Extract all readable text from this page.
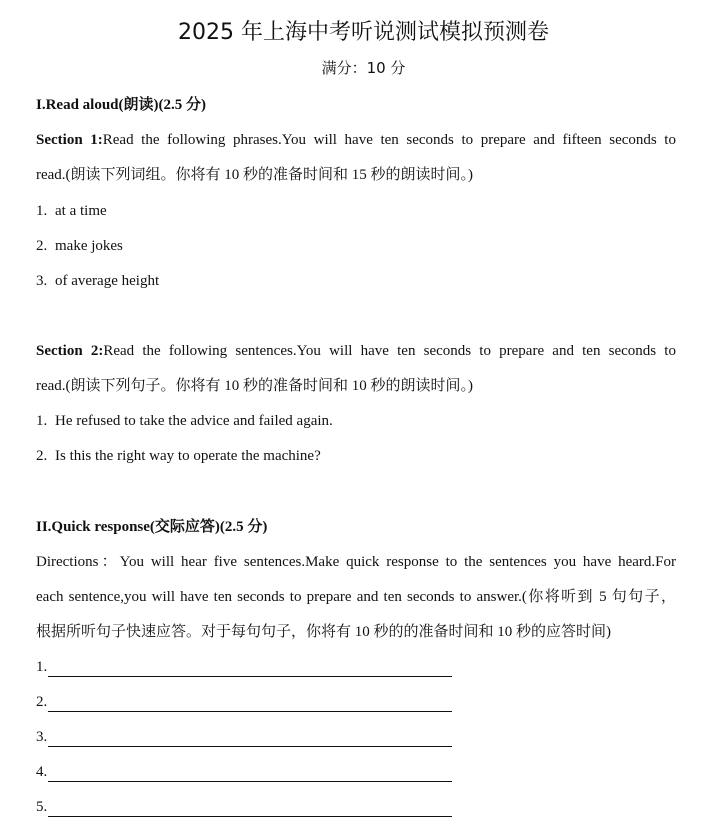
2025 年上海中考听说测试模拟预测卷
满分：10 分
I.Read aloud(朗读)(2.5 分)
Section 1:Read the following phrases.You will have ten seconds to prepare and fifteen seconds to
read.(朗读下列词组。你将有 10 秒的准备时间和 15 秒的朗读时间。)
1. at a time
2. make jokes
3. of average height
Section 2:Read the following sentences.You will have ten seconds to prepare and ten seconds to
read.(朗读下列句子。你将有 10 秒的准备时间和 10 秒的朗读时间。)
1. He refused to take the advice and failed again.
2. Is this the right way to operate the machine?
II.Quick response(交际应答)(2.5 分)
Directions：You will hear five sentences.Make quick response to the sentences you have heard.For
each sentence,you will have ten seconds to prepare and ten seconds to answer.(你将听到 5 句句子，
根据所听句子快速应答。对于每句句子，你将有 10 秒的的准备时间和 10 秒的应答时间)
1.
2.
3.
4.
5.
